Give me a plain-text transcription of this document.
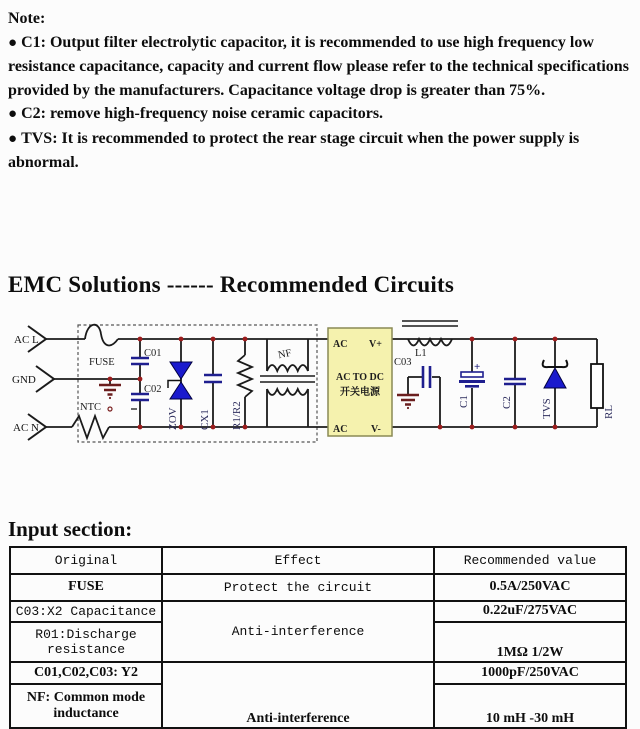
Note:

● C1: Output filter electrolytic capacitor, it is recommended to use high frequency low resistance capacitance, capacity and current flow please refer to the technical specifications provided by the manufacturers. Capacitance voltage drop is greater than 75%.

● C2: remove high-frequency noise ceramic capacitors.

● TVS: It is recommended to protect the rear stage circuit when the power supply is abnormal.

EMC Solutions ------ Recommended Circuits
AC L
GND
AC N
+
AC V+
AC TO DC
开关电源
AC V-
FUSE
C01
C02
NTC
NF	L1
C03
ZOV CX1 R1/R2	C1	C2	TVS	RL
Input section:
Original	Effect	Recommended value
FUSE	Protect the circuit	0.5A/250VAC
C03:X2 Capacitance	Anti-interference	0.22uF/275VAC
R01:Discharge resistance		1MΩ 1/2W
C01,C02,C03: Y2	Anti-interference	1000pF/250VAC
NF: Common mode inductance		10 mH -30 mH
